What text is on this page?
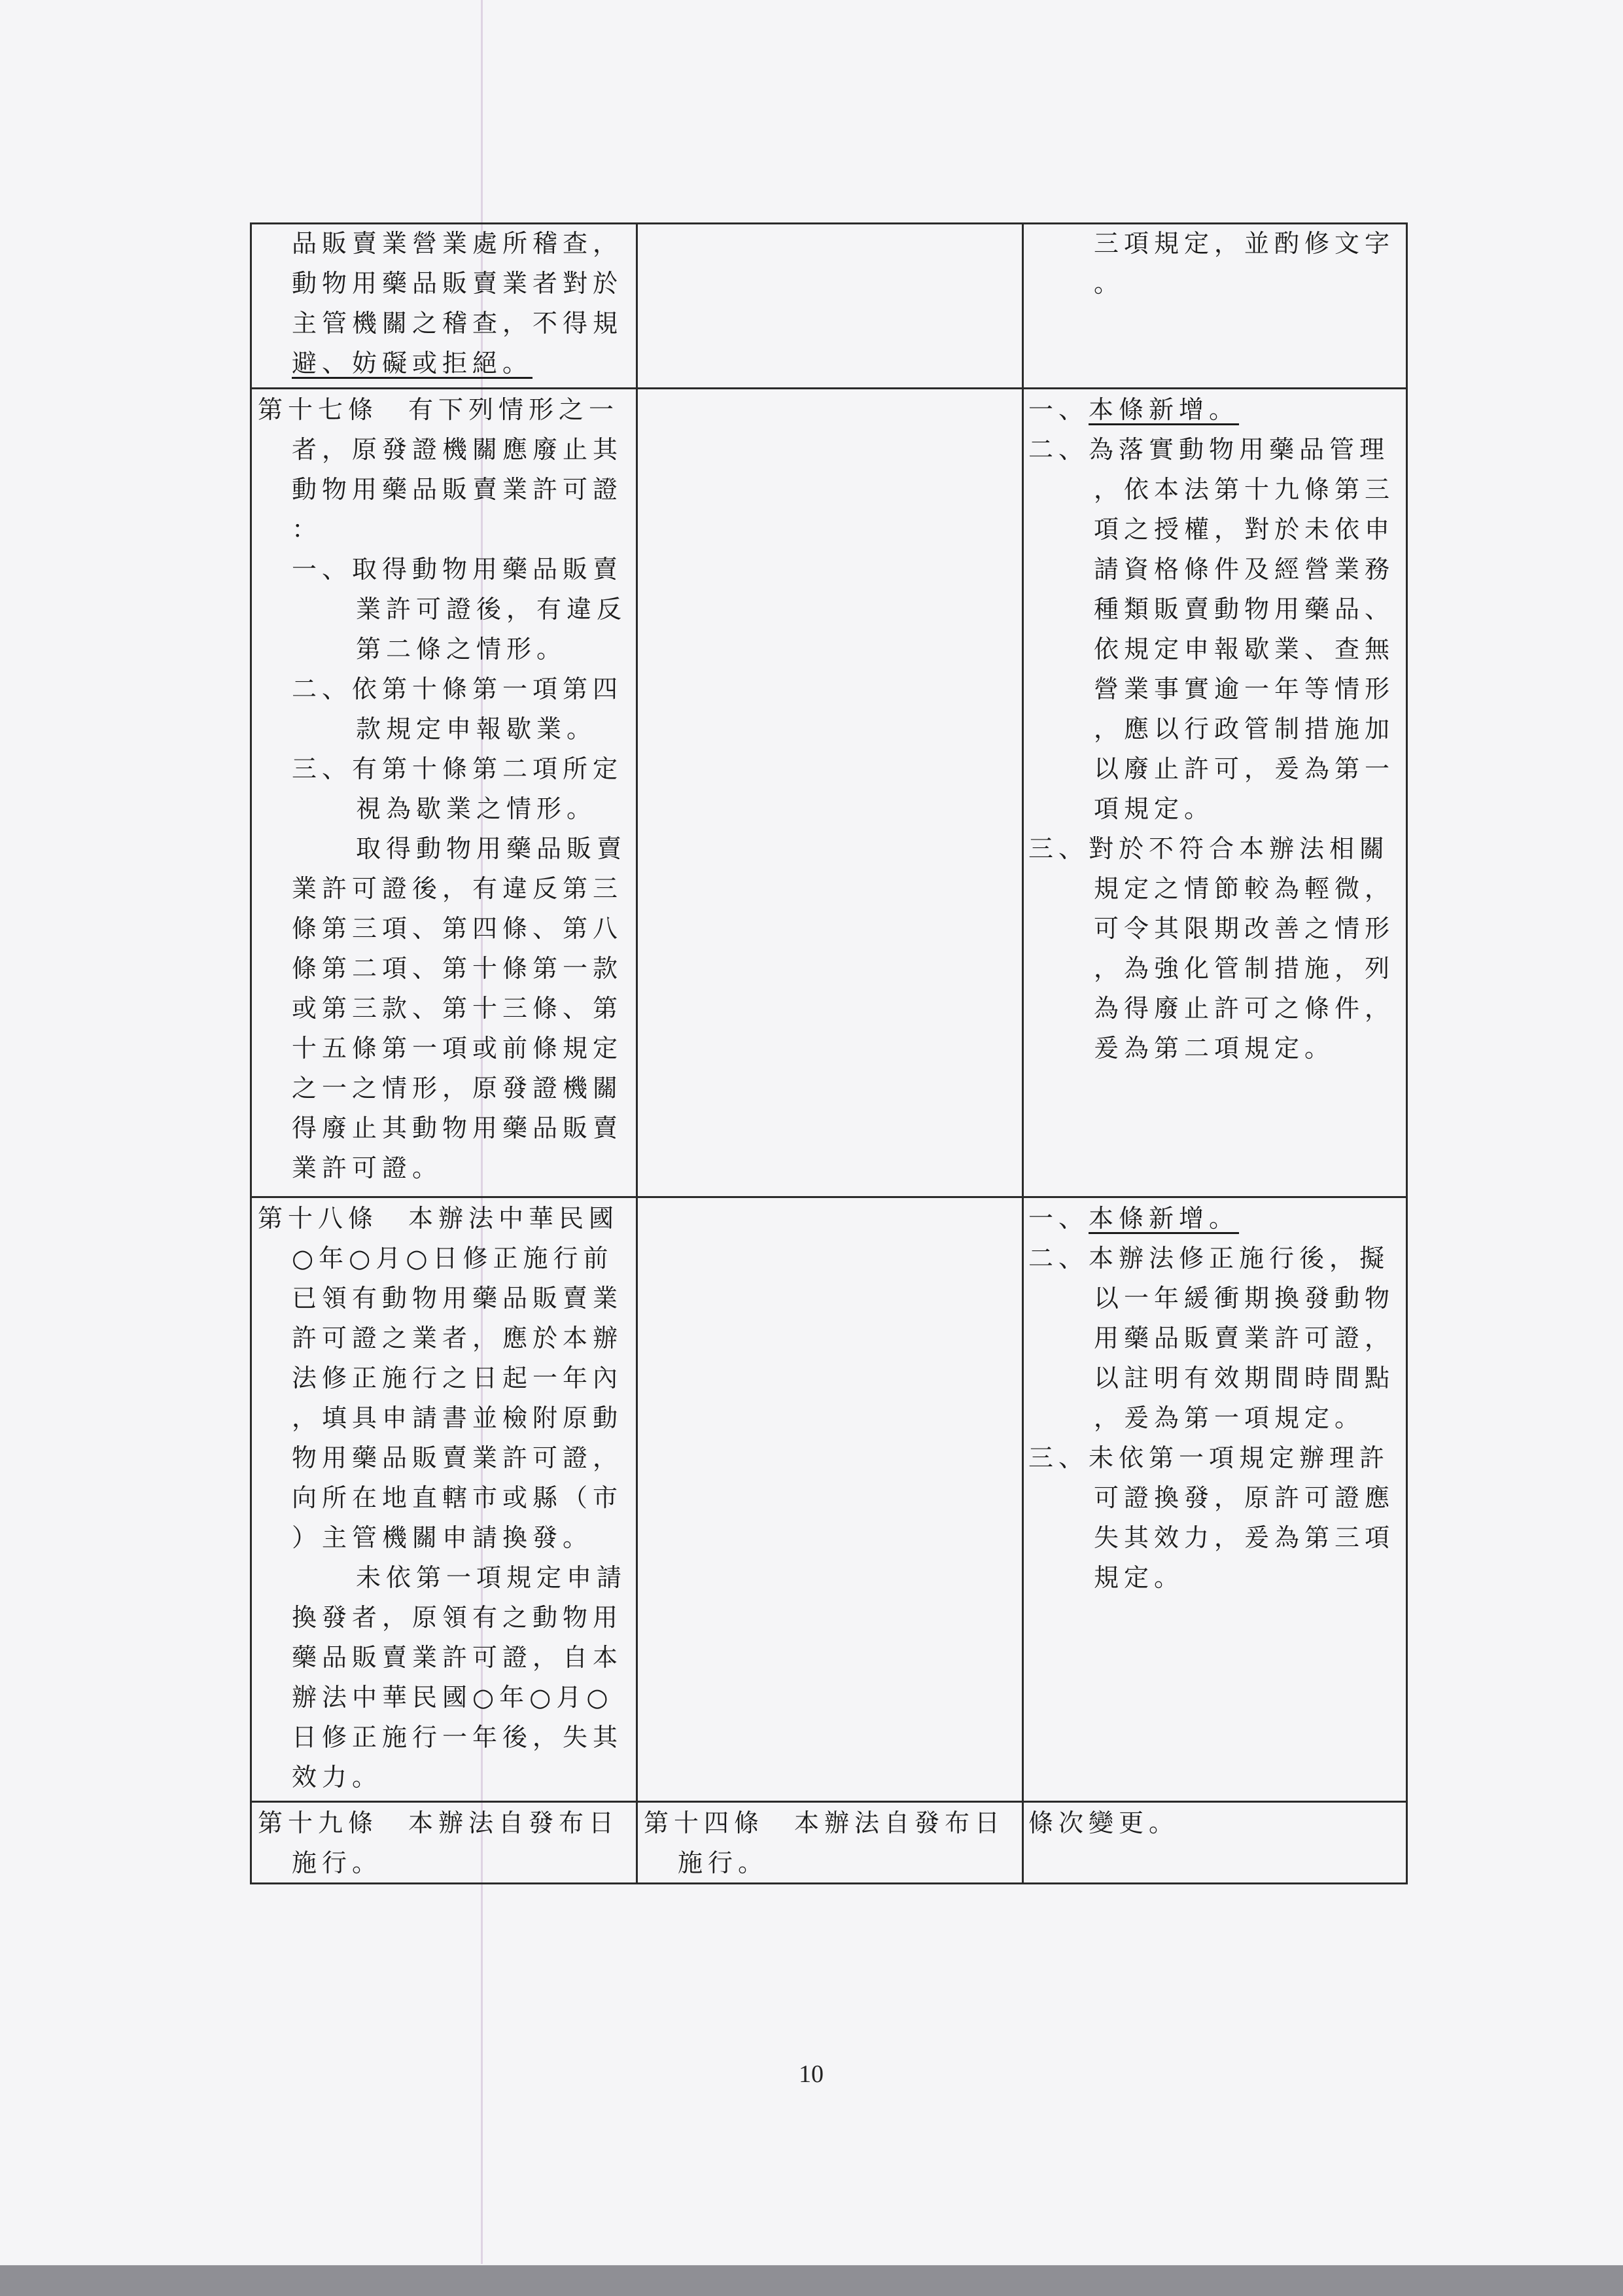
品販賣業營業處所稽查，
動物用藥品販賣業者對於
主管機關之稽查，不得規
避、妨礙或拒絕。
三項規定，並酌修文字
。
第十七條　有下列情形之一
者，原發證機關應廢止其
動物用藥品販賣業許可證
：
一、取得動物用藥品販賣
業許可證後，有違反
第二條之情形。
二、依第十條第一項第四
款規定申報歇業。
三、有第十條第二項所定
視為歇業之情形。
取得動物用藥品販賣
業許可證後，有違反第三
條第三項、第四條、第八
條第二項、第十條第一款
或第三款、第十三條、第
十五條第一項或前條規定
之一之情形，原發證機關
得廢止其動物用藥品販賣
業許可證。
一、本條新增。
二、為落實動物用藥品管理
，依本法第十九條第三
項之授權，對於未依申
請資格條件及經營業務
種類販賣動物用藥品、
依規定申報歇業、查無
營業事實逾一年等情形
，應以行政管制措施加
以廢止許可，爰為第一
項規定。
三、對於不符合本辦法相關
規定之情節較為輕微，
可令其限期改善之情形
，為強化管制措施，列
為得廢止許可之條件，
爰為第二項規定。
第十八條　本辦法中華民國
○年○月○日修正施行前
已領有動物用藥品販賣業
許可證之業者，應於本辦
法修正施行之日起一年內
，填具申請書並檢附原動
物用藥品販賣業許可證，
向所在地直轄市或縣（市
）主管機關申請換發。
未依第一項規定申請
換發者，原領有之動物用
藥品販賣業許可證，自本
辦法中華民國○年○月○
日修正施行一年後，失其
效力。
一、本條新增。
二、本辦法修正施行後，擬
以一年緩衝期換發動物
用藥品販賣業許可證，
以註明有效期間時間點
，爰為第一項規定。
三、未依第一項規定辦理許
可證換發，原許可證應
失其效力，爰為第三項
規定。
第十九條　本辦法自發布日
施行。
第十四條　本辦法自發布日
施行。
條次變更。
10
